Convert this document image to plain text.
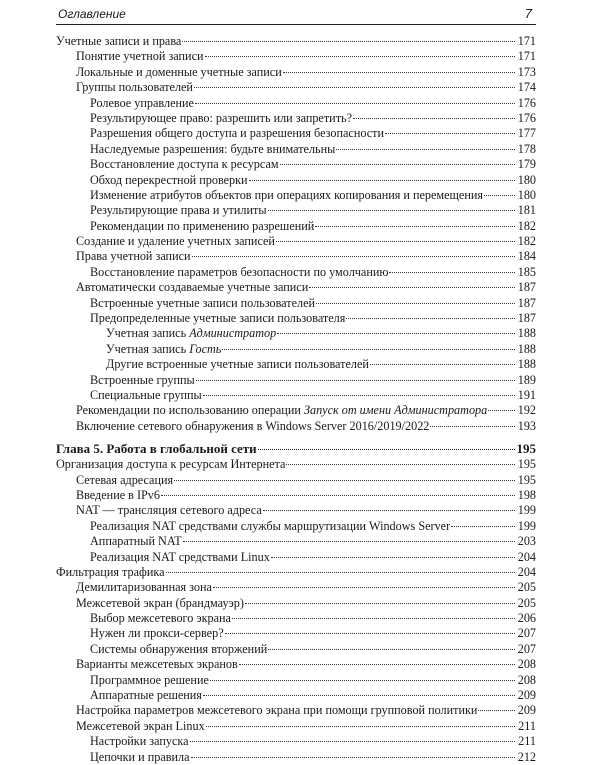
Оглавление	7
Учетные записи и права	171
Понятие учетной записи	171
Локальные и доменные учетные записи	173
Группы пользователей	174
Ролевое управление	176
Результирующее право: разрешить или запретить?	176
Разрешения общего доступа и разрешения безопасности	177
Наследуемые разрешения: будьте внимательны	178
Восстановление доступа к ресурсам	179
Обход перекрестной проверки	180
Изменение атрибутов объектов при операциях копирования и перемещения	180
Результирующие права и утилиты	181
Рекомендации по применению разрешений	182
Создание и удаление учетных записей	182
Права учетной записи	184
Восстановление параметров безопасности по умолчанию	185
Автоматически создаваемые учетные записи	187
Встроенные учетные записи пользователей	187
Предопределенные учетные записи пользователя	187
Учетная запись Администратор	188
Учетная запись Гость	188
Другие встроенные учетные записи пользователей	188
Встроенные группы	189
Специальные группы	191
Рекомендации по использованию операции Запуск от имени Администратора 192
Включение сетевого обнаружения в Windows Server 2016/2019/2022	193
Глава 5. Работа в глобальной сети	195
Организация доступа к ресурсам Интернета	195
Сетевая адресация	195
Введение в IPv6	198
NAT — трансляция сетевого адреса	199
Реализация NAT средствами службы маршрутизации Windows Server	199
Аппаратный NAT	203
Реализация NAT средствами Linux	204
Фильтрация трафика	204
Демилитаризованная зона	205
Межсетевой экран (брандмауэр)	205
Выбор межсетевого экрана	206
Нужен ли прокси-сервер?	207
Системы обнаружения вторжений	207
Варианты межсетевых экранов	208
Программное решение	208
Аппаратные решения	209
Настройка параметров межсетевого экрана при помощи групповой политики	209
Межсетевой экран Linux	211
Настройки запуска	211
Цепочки и правила	212
